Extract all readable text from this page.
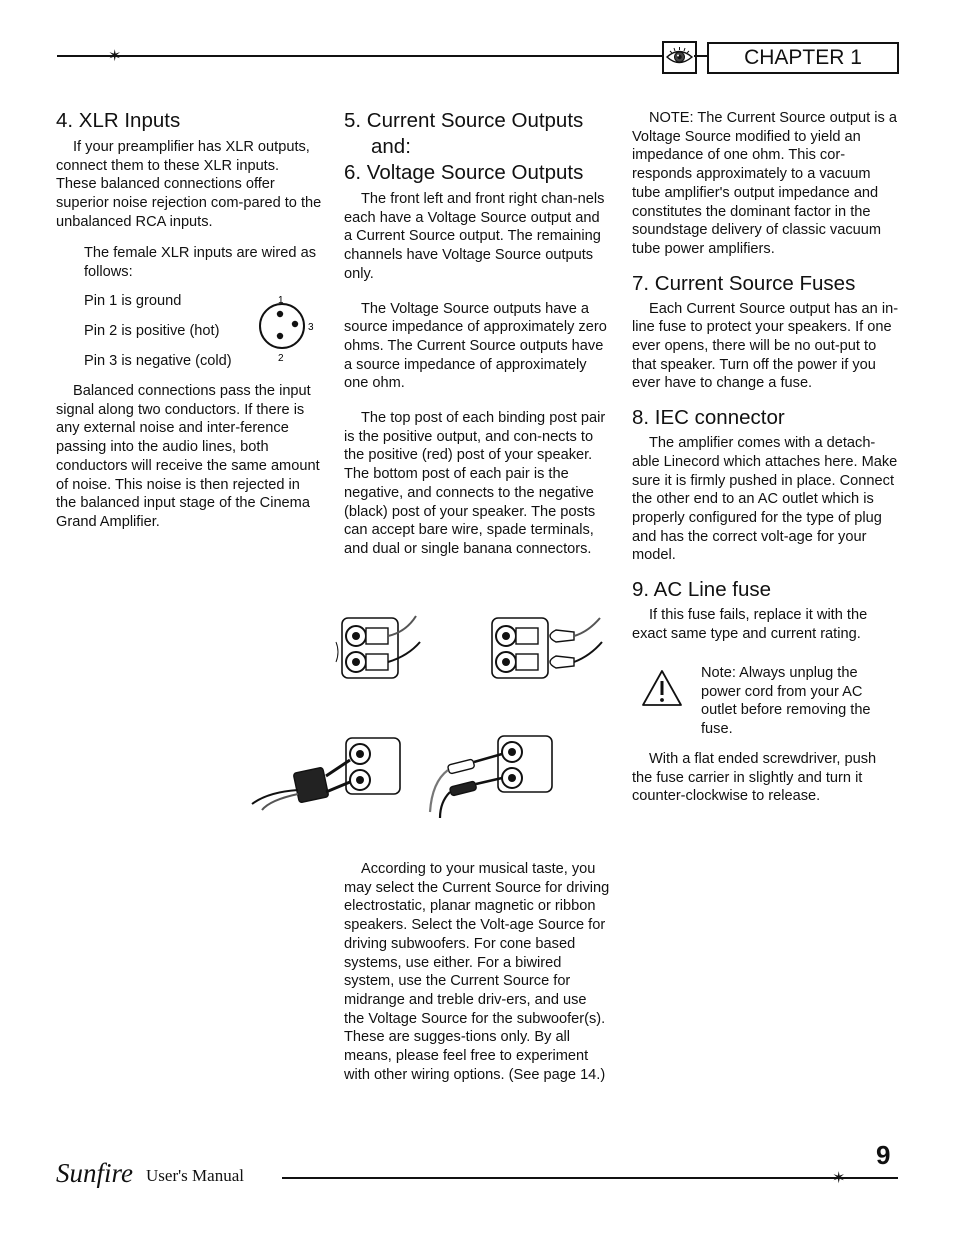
✶	CHAPTER 1
4. XLR Inputs

If your preamplifier has XLR outputs, connect them to these XLR inputs. These balanced connections offer superior noise rejection com-pared to the unbalanced RCA inputs.

The female XLR inputs are wired as follows:

Pin 1 is ground
Pin 2 is positive (hot)
Pin 3 is negative (cold)
1
3
2

Balanced connections pass the input signal along two conductors. If there is any external noise and inter-ference passing into the audio lines, both conductors will receive the same amount of noise. This noise is then rejected in the balanced input stage of the Cinema Grand Amplifier.

5. Current Source Outputs
and:
6. Voltage Source Outputs

The front left and front right chan-nels each have a Voltage Source output and a Current Source output. The remaining channels have Voltage Source outputs only.

The Voltage Source outputs have a source impedance of approximately zero ohms. The Current Source outputs have a source impedance of approximately one ohm.

The top post of each binding post pair is the positive output, and con-nects to the positive (red) post of your speaker. The bottom post of each pair is the negative, and connects to the negative (black) post of your speaker. The posts can accept bare wire, spade terminals, and dual or single banana connectors.

According to your musical taste, you may select the Current Source for driving electrostatic, planar magnetic or ribbon speakers. Select the Volt-age Source for driving subwoofers. For cone based systems, use either. For a biwired system, use the Current Source for midrange and treble driv-ers, and use the Voltage Source for the subwoofer(s). These are sugges-tions only. By all means, please feel free to experiment with other wiring options. (See page 14.)

NOTE: The Current Source output is a Voltage Source modified to yield an impedance of one ohm. This cor-responds approximately to a vacuum tube amplifier's output impedance and constitutes the dominant factor in the soundstage delivery of classic vacuum tube power amplifiers.

7. Current Source Fuses

Each Current Source output has an in-line fuse to protect your speakers. If one ever opens, there will be no out-put to that speaker. Turn off the power if you ever have to change a fuse.

8. IEC connector

The amplifier comes with a detach-able Linecord which attaches here. Make sure it is firmly pushed in place. Connect the other end to an AC outlet which is properly configured for the type of plug and has the correct volt-age for your model.

9. AC Line fuse

If this fuse fails, replace it with the exact same type and current rating.

Note: Always unplug the power cord from your AC outlet before removing the fuse.

With a flat ended screwdriver, push the fuse carrier in slightly and turn it counter-clockwise to release.

9
Sunfire User's Manual	✶
